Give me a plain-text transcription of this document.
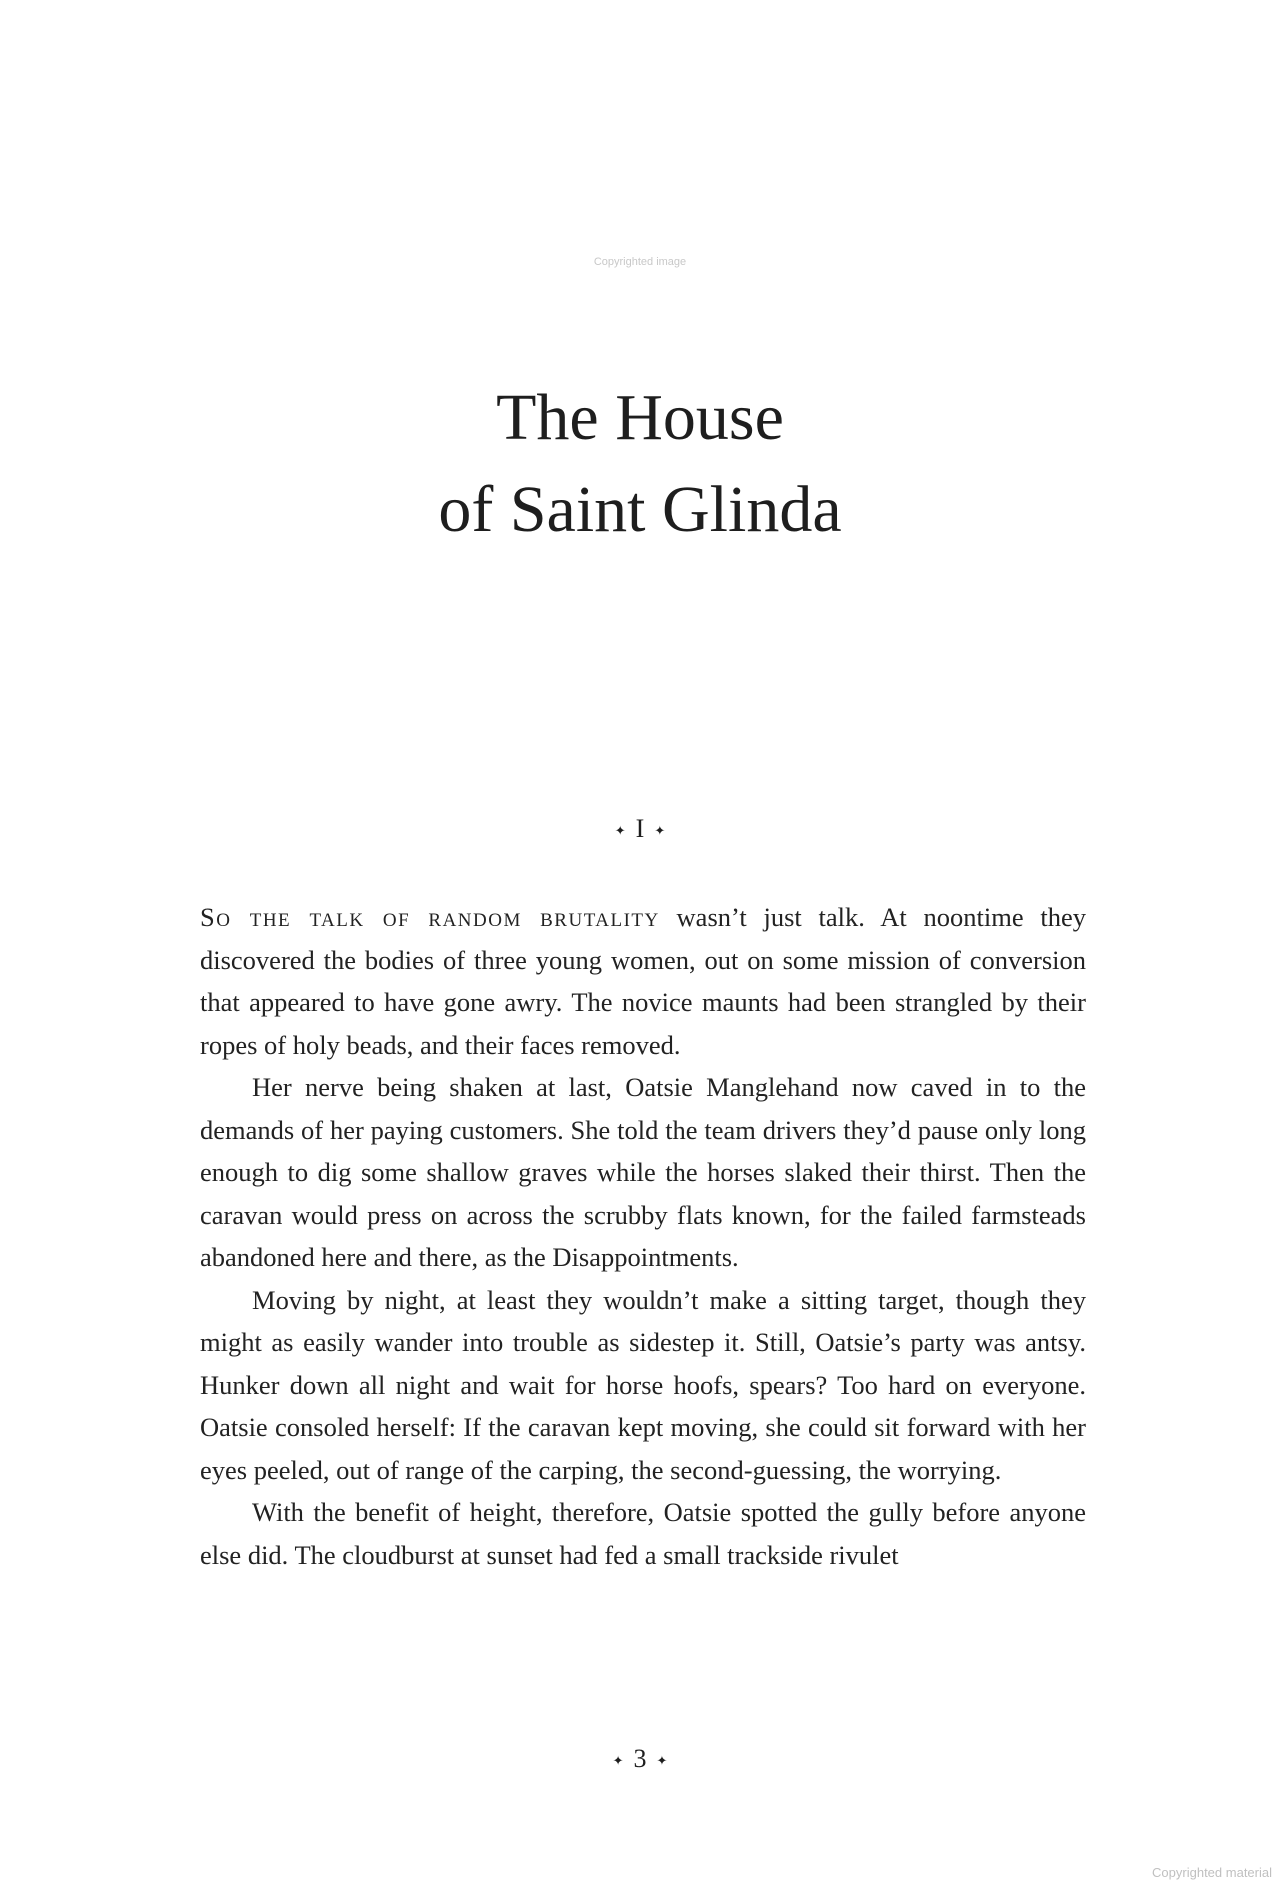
Copyrighted image
The House
of Saint Glinda
✦ I ✦

So the talk of random brutality wasn’t just talk. At noontime they discovered the bodies of three young women, out on some mission of conversion that appeared to have gone awry. The novice maunts had been strangled by their ropes of holy beads, and their faces removed.

Her nerve being shaken at last, Oatsie Manglehand now caved in to the demands of her paying customers. She told the team drivers they’d pause only long enough to dig some shallow graves while the horses slaked their thirst. Then the caravan would press on across the scrubby flats known, for the failed farmsteads abandoned here and there, as the Disappointments.

Moving by night, at least they wouldn’t make a sitting target, though they might as easily wander into trouble as sidestep it. Still, Oatsie’s party was antsy. Hunker down all night and wait for horse hoofs, spears? Too hard on everyone. Oatsie consoled herself: If the caravan kept moving, she could sit forward with her eyes peeled, out of range of the carping, the second-guessing, the worrying.

With the benefit of height, therefore, Oatsie spotted the gully before anyone else did. The cloudburst at sunset had fed a small trackside rivulet

✦ 3 ✦
Copyrighted material
